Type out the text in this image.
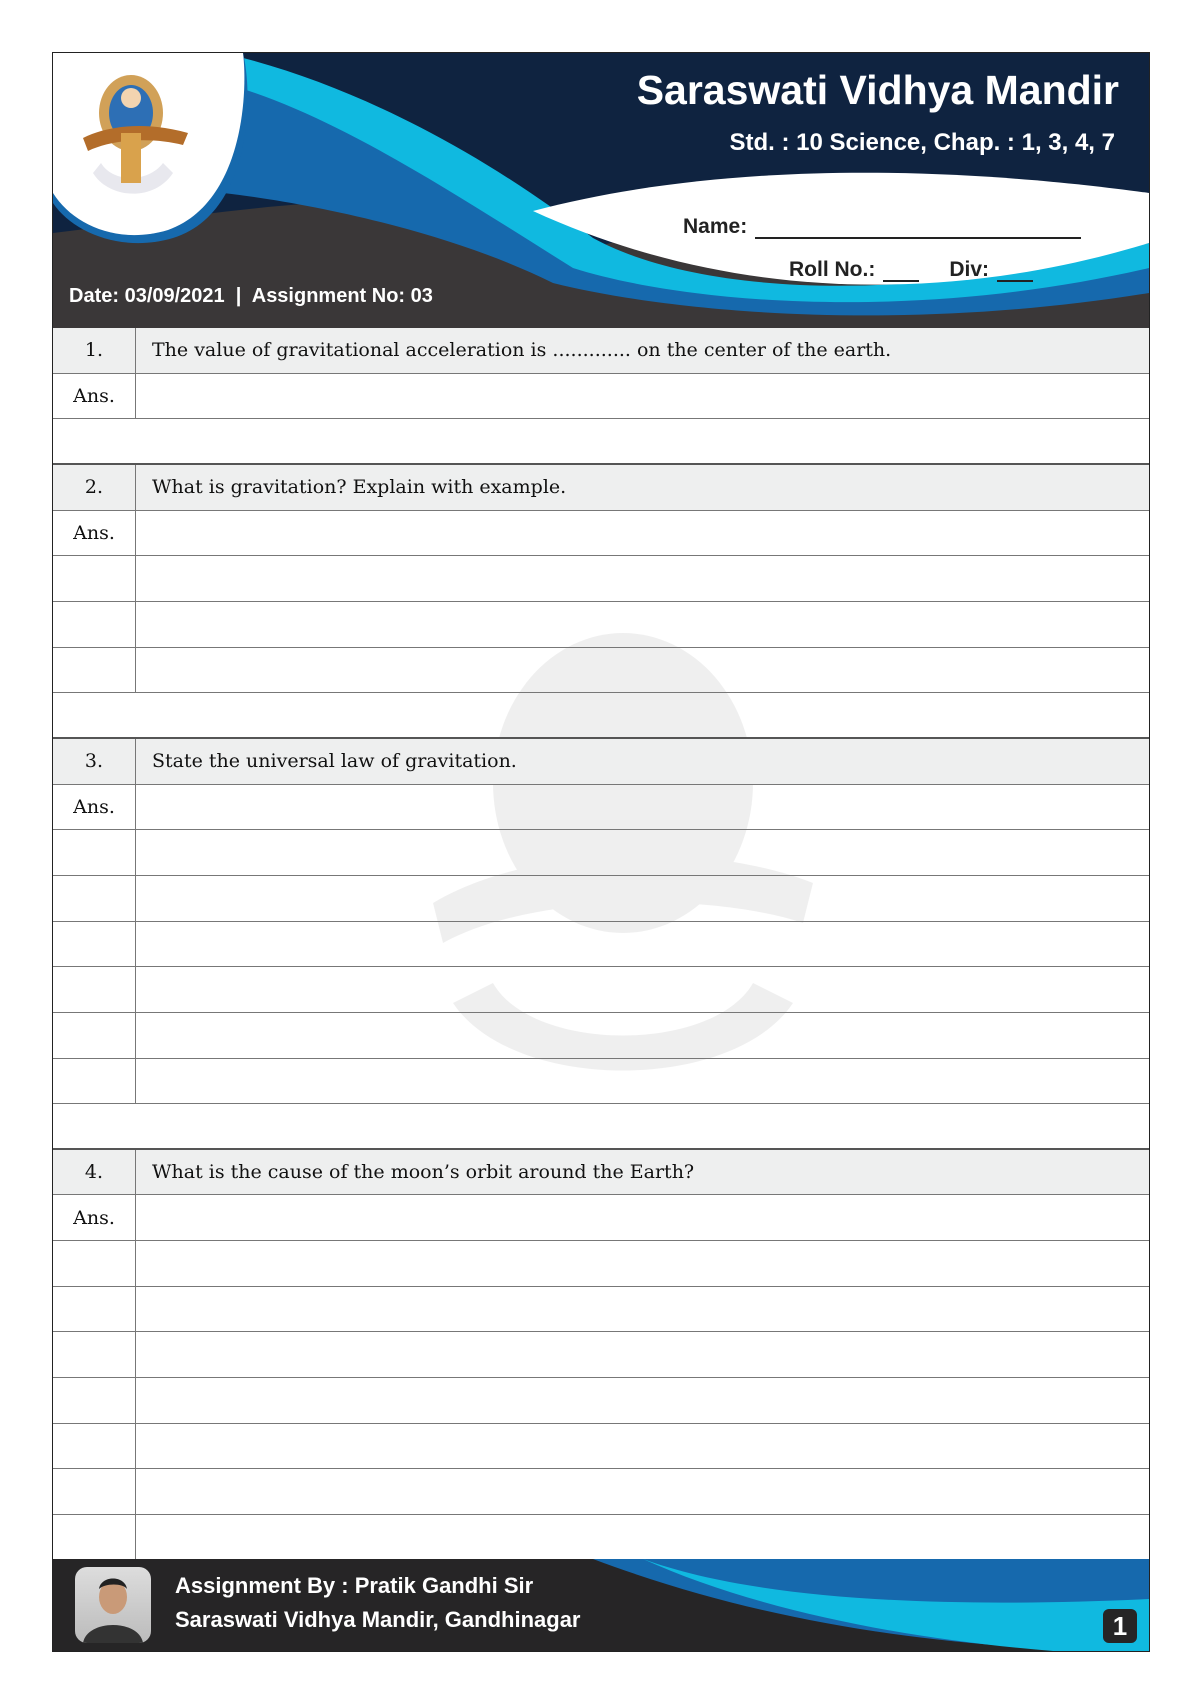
Saraswati Vidhya Mandir
Std. : 10 Science, Chap. : 1, 3, 4, 7
Name:
Roll No.:	Div:
Date: 03/09/2021  |  Assignment No: 03
1.	The value of gravitational acceleration is ............. on the center of the earth.
Ans.
2.	What is gravitation? Explain with example.
Ans.
3.	State the universal law of gravitation.
Ans.
4.	What is the cause of the moon’s orbit around the Earth?
Ans.
Assignment By : Pratik Gandhi Sir
Saraswati Vidhya Mandir, Gandhinagar	1
